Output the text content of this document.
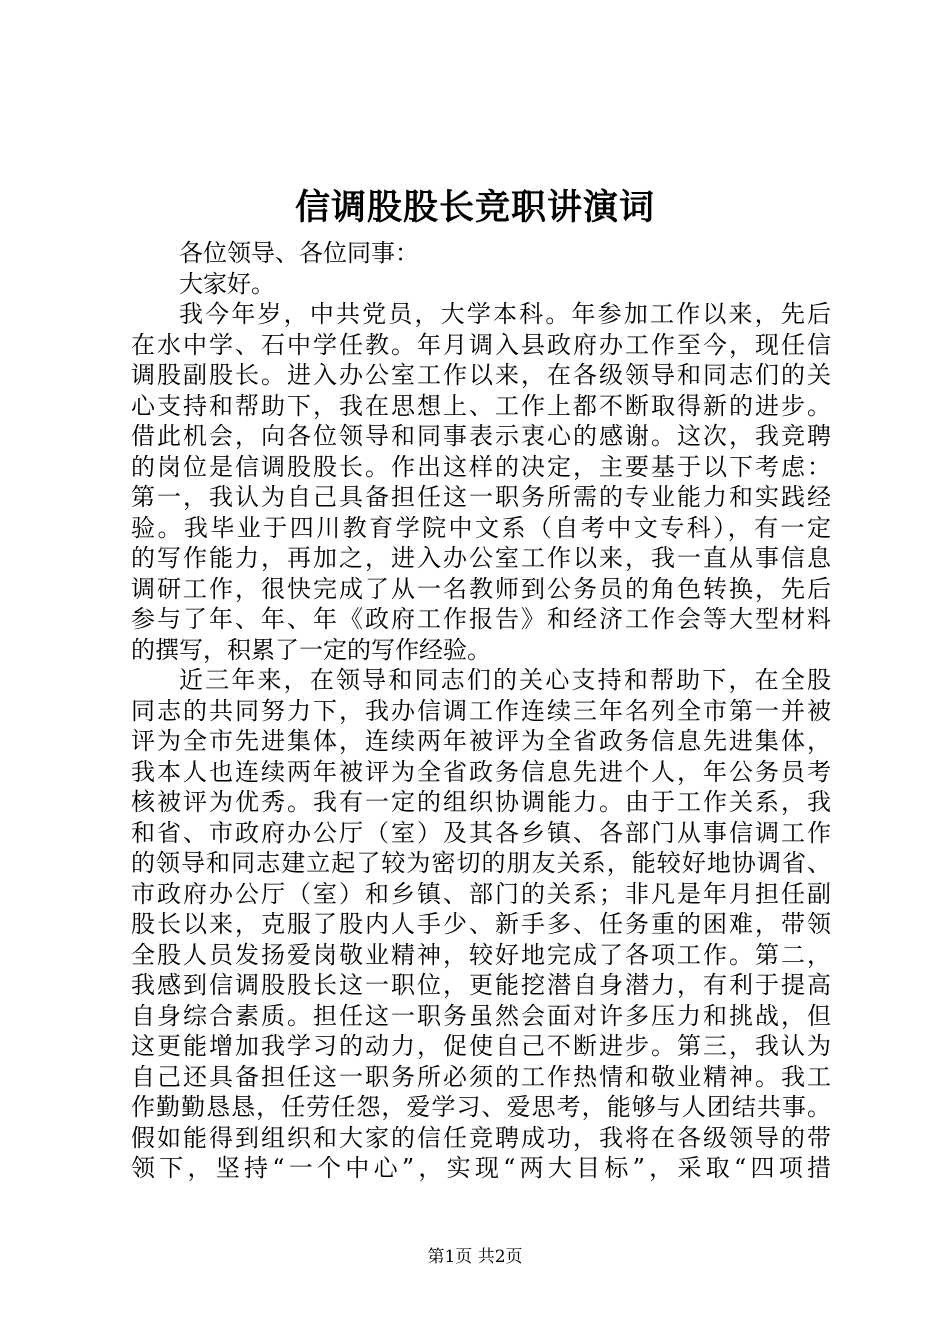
信调股股长竞职讲演词
各位领导、各位同事：
大家好。
我今年岁，中共党员，大学本科。年参加工作以来，先后
在水中学、石中学任教。年月调入县政府办工作至今，现任信
调股副股长。进入办公室工作以来，在各级领导和同志们的关
心支持和帮助下，我在思想上、工作上都不断取得新的进步。
借此机会，向各位领导和同事表示衷心的感谢。这次，我竞聘
的岗位是信调股股长。作出这样的决定，主要基于以下考虑：
第一，我认为自己具备担任这一职务所需的专业能力和实践经
验。我毕业于四川教育学院中文系（自考中文专科），有一定
的写作能力，再加之，进入办公室工作以来，我一直从事信息
调研工作，很快完成了从一名教师到公务员的角色转换，先后
参与了年、年、年《政府工作报告》和经济工作会等大型材料
的撰写，积累了一定的写作经验。
近三年来，在领导和同志们的关心支持和帮助下，在全股
同志的共同努力下，我办信调工作连续三年名列全市第一并被
评为全市先进集体，连续两年被评为全省政务信息先进集体，
我本人也连续两年被评为全省政务信息先进个人，年公务员考
核被评为优秀。我有一定的组织协调能力。由于工作关系，我
和省、市政府办公厅（室）及其各乡镇、各部门从事信调工作
的领导和同志建立起了较为密切的朋友关系，能较好地协调省、
市政府办公厅（室）和乡镇、部门的关系；非凡是年月担任副
股长以来，克服了股内人手少、新手多、任务重的困难，带领
全股人员发扬爱岗敬业精神，较好地完成了各项工作。第二，
我感到信调股股长这一职位，更能挖潜自身潜力，有利于提高
自身综合素质。担任这一职务虽然会面对许多压力和挑战，但
这更能增加我学习的动力，促使自己不断进步。第三，我认为
自己还具备担任这一职务所必须的工作热情和敬业精神。我工
作勤勤恳恳，任劳任怨，爱学习、爱思考，能够与人团结共事。
假如能得到组织和大家的信任竞聘成功，我将在各级领导的带
领下，坚持“一个中心”，实现“两大目标”，采取“四项措
第1页 共2页
